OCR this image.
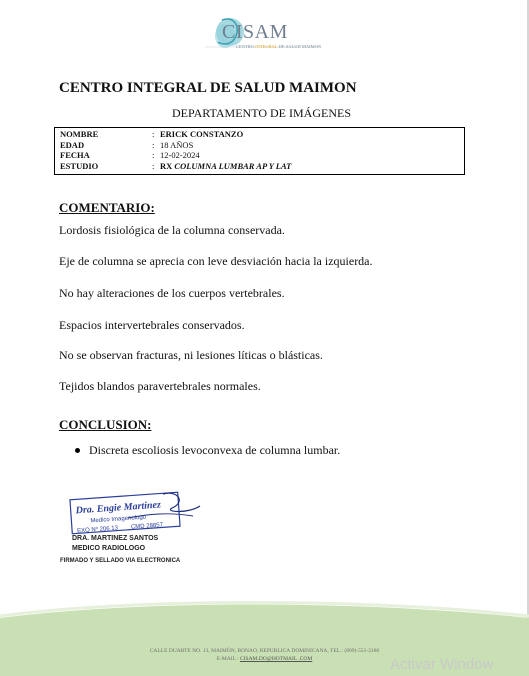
CISAM
CENTRO INTEGRAL DE SALUD MAIMON
CENTRO INTEGRAL DE SALUD MAIMON
DEPARTAMENTO DE IMÁGENES
NOMBRE	: ERICK CONSTANZO
EDAD	: 18 AÑOS
FECHA	: 12-02-2024
ESTUDIO	: RX COLUMNA LUMBAR AP Y LAT
COMENTARIO:
Lordosis fisiológica de la columna conservada.
Eje de columna se aprecia con leve desviación hacia la izquierda.
No hay alteraciones de los cuerpos vertebrales.
Espacios intervertebrales conservados.
No se observan fracturas, ni lesiones líticas o blásticas.
Tejidos blandos paravertebrales normales.
CONCLUSION:
Discreta escoliosis levoconvexa de columna lumbar.
Dra. Engie Martinez
Medico Imagenologo
EXQ Nº 206 13 CMD 28857
DRA. MARTINEZ SANTOS
MEDICO RADIOLOGO
FIRMADO Y SELLADO VIA ELECTRONICA
CALLE DUARTE NO. 13, MAIMÓN, BONAO, REPUBLICA DOMINICANA, TEL.: (809)-551-2186
E-MAIL : CISAM.DO@HOTMAIL .COM	Activar Window
